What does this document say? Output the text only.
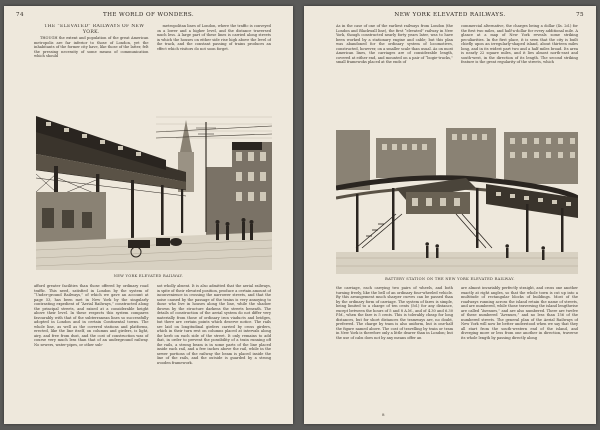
74	THE WORLD OF WONDERS.

THE “ELEVATED” RAILWAYS OF NEW YORK.

THOUGH the extent and population of the great American metropolis are far inferior to those of London, yet the inhabitants of the former city have, like those of the latter, felt the pressing necessity of some means of communication which should

metropolitan lines of London, where the traffic is conveyed on a lower and a higher level, and the distance traversed much less. A large part of these lines is carried along streets in which the houses on either side rise high above the level of the track, and the constant passing of trains produces an effect which visitors do not soon forget.

NEW YORK ELEVATED RAILWAY.

afford greater facilities than those offered by ordinary road traffic. This need, satisfied in London by the system of “Under-ground Railways,” of which we gave an account at page 53, has been met in New York by the singularly contrasting expedient of “Aerial Railways,” constructed along the principal streets, and raised at a considerable height above their level. In these respects this system compares favourably with that of the subterranean lines so successfully adopted in London and in certain Continental towns. The whole line, as well as the covered stations and platforms, erected, like the line itself, on columns and girders, is light, airy, and free from dust, and the cost of construction was of course very much less than that of an underground railway. No sewers, water-pipes, or other sub-

not wholly absent. It is also admitted that the aerial railways, in spite of their elevated position, produce a certain amount of inconvenience in crossing the narrower streets, and that the noise caused by the passage of the trains is very annoying to those who live in houses along the line, while the shadow thrown by the structure darkens the streets beneath. The details of construction of the aerial system do not differ very materially from those of ordinary iron viaducts and bridges, but there are certain points which deserve notice. The rails are laid on longitudinal girders carried by cross girders, which in their turn rest on columns placed at intervals along the kerb on each side of the street. It only remains to add that, in order to prevent the possibility of a train running off the rails, a strong beam is in some parts of the line placed inside each rail, and a few inches above the rail, while in the newer portions of the railway the beam is placed inside the line of the rails, and the outside is guarded by a strong wooden framework.

NEW YORK ELEVATED RAILWAYS.	75

As in the case of one of the earliest railways from London (the London and Blackwall line), the first “elevated” railway in New York, though constructed nearly forty years later, was to have been worked by a stationary engine and cable; but this plan was abandoned for the ordinary system of locomotives, constructed, however, on a smaller scale than usual. As on most American lines, the carriages are of considerable length, covered at either end, and mounted on a pair of “bogie-trucks,” small framewoks placed at the ends of

commercial alternative, the charges being a dollar (4s. 2d.) for the first two miles, and half-a-dollar for every additional mile. A glance at a map of New York reveals some striking peculiarities. In the first place, it is seen that the city is built chiefly upon an irregularly-shaped island, about thirteen miles long, and in its widest part two and a half miles broad. Its area is nearly 22 square miles, and it lies almost north-east and south-west, in the direction of its length. The second striking feature is the great regularity of the streets, which

BATTERY STATION ON THE NEW YORK ELEVATED RAILWAY.

the carriage, each carrying two pairs of wheels, and both turning freely, like the bell of an ordinary four-wheeled vehicle. By this arrangement much sharper curves can be passed than by the ordinary form of carriage. The system of fares is simple, being limited to a charge of ten cents (5d.) for any distance, except between the hours of 5 and 8 A.M., and of 4.30 and 6.30 P.M., when the fare is 5 cents. This is tolerably cheap for long distances, but for short distances the tramways are, no doubt, preferred. The charge by tram is also uniform, but is one-half the figure named above. The cost of travelling by train or tram in New York is therefore only a little dearer than in London; but the use of cabs does not by any means offer an

are almost invariably perfectly straight, and cross one another exactly at right angles, so that the whole town is cut up into a multitude of rectangular blocks of buildings. Most of the roadways running across the island retain the name of streets, and are numbered, while those traversing the island lengthwise are called “Avenues,” and are also numbered. There are twelve of these numbered “Avenues,” and no less than 156 of the numbered streets. The general plan of the Aerial Railways of New York will now be better understood when we say that they all start from the south-western end of the island, and diverging more or less from one another in direction, traverse its whole length by passing directly along

8
